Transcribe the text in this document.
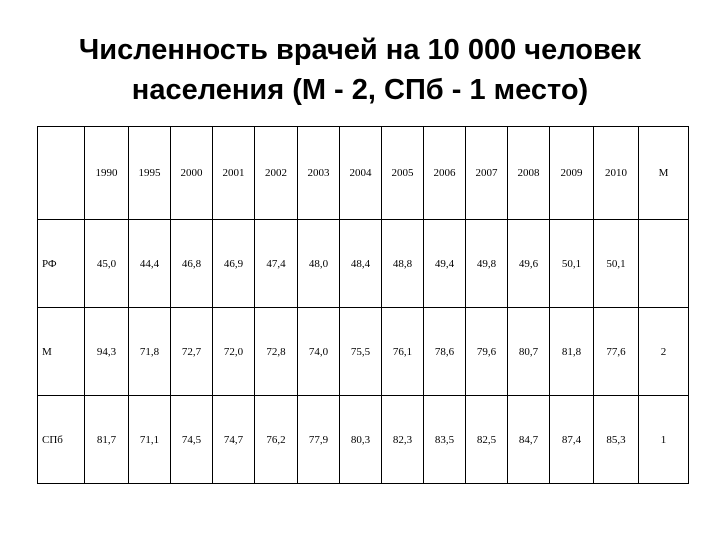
Численность врачей на 10 000 человек
населения (М - 2, СПб - 1 место)
	1990	1995	2000	2001	2002	2003	2004	2005	2006	2007	2008	2009	2010	М
РФ	45,0	44,4	46,8	46,9	47,4	48,0	48,4	48,8	49,4	49,8	49,6	50,1	50,1	
М	94,3	71,8	72,7	72,0	72,8	74,0	75,5	76,1	78,6	79,6	80,7	81,8	77,6	2
СПб	81,7	71,1	74,5	74,7	76,2	77,9	80,3	82,3	83,5	82,5	84,7	87,4	85,3	1
